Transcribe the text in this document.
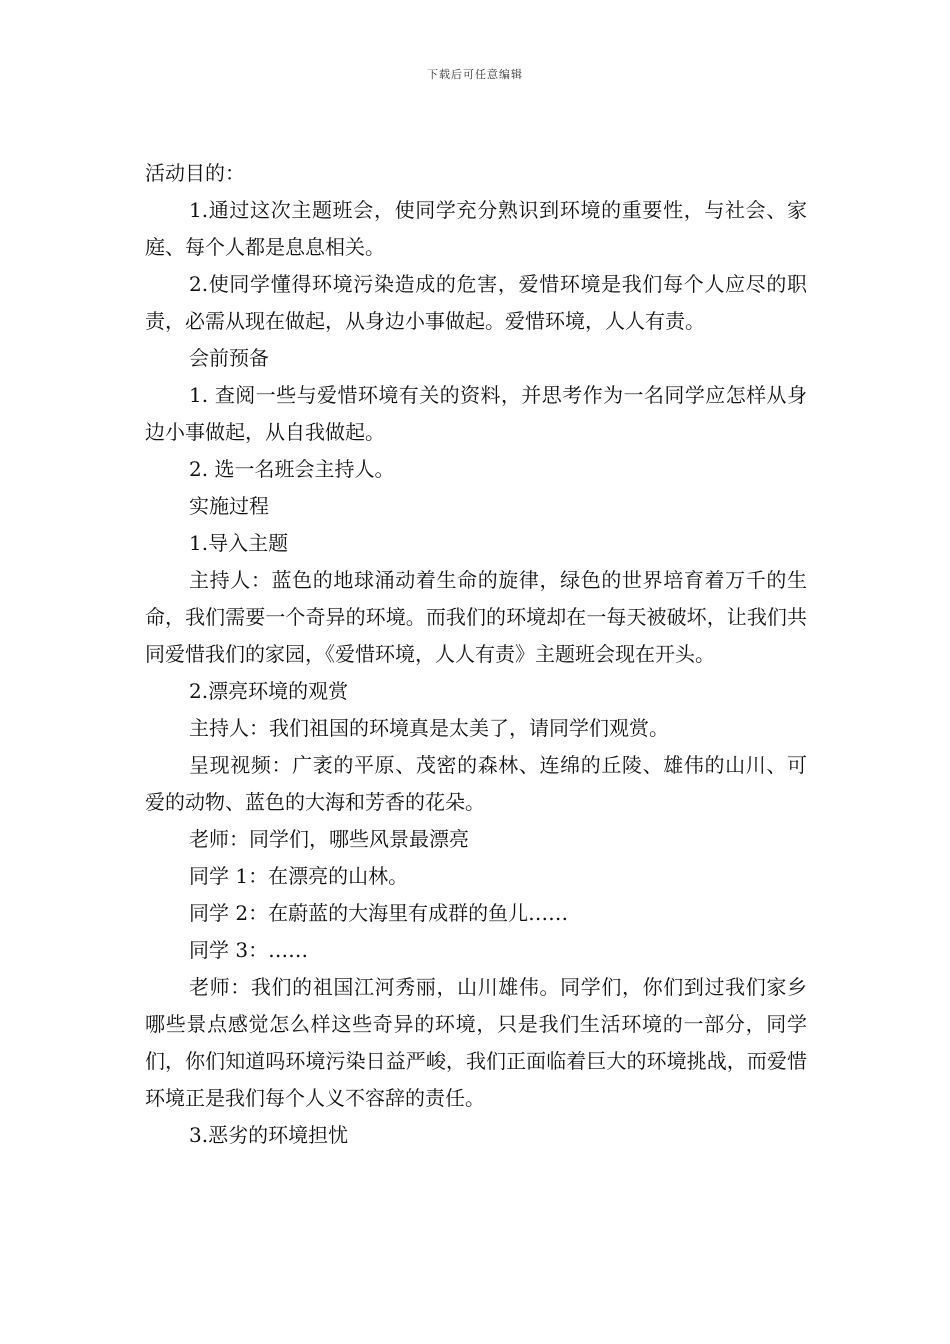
下载后可任意编辑

活动目的：

1.通过这次主题班会，使同学充分熟识到环境的重要性，与社会、家庭、每个人都是息息相关。

2.使同学懂得环境污染造成的危害，爱惜环境是我们每个人应尽的职责，必需从现在做起，从身边小事做起。爱惜环境，人人有责。

会前预备

1. 查阅一些与爱惜环境有关的资料，并思考作为一名同学应怎样从身边小事做起，从自我做起。

2. 选一名班会主持人。

实施过程

1.导入主题

主持人：蓝色的地球涌动着生命的旋律，绿色的世界培育着万千的生命，我们需要一个奇异的环境。而我们的环境却在一每天被破坏，让我们共同爱惜我们的家园，《爱惜环境，人人有责》主题班会现在开头。

2.漂亮环境的观赏

主持人：我们祖国的环境真是太美了，请同学们观赏。

呈现视频：广袤的平原、茂密的森林、连绵的丘陵、雄伟的山川、可爱的动物、蓝色的大海和芳香的花朵。

老师：同学们，哪些风景最漂亮

同学 1：在漂亮的山林。

同学 2：在蔚蓝的大海里有成群的鱼儿……

同学 3：……

老师：我们的祖国江河秀丽，山川雄伟。同学们，你们到过我们家乡哪些景点感觉怎么样这些奇异的环境，只是我们生活环境的一部分，同学们，你们知道吗环境污染日益严峻，我们正面临着巨大的环境挑战，而爱惜环境正是我们每个人义不容辞的责任。

3.恶劣的环境担忧
